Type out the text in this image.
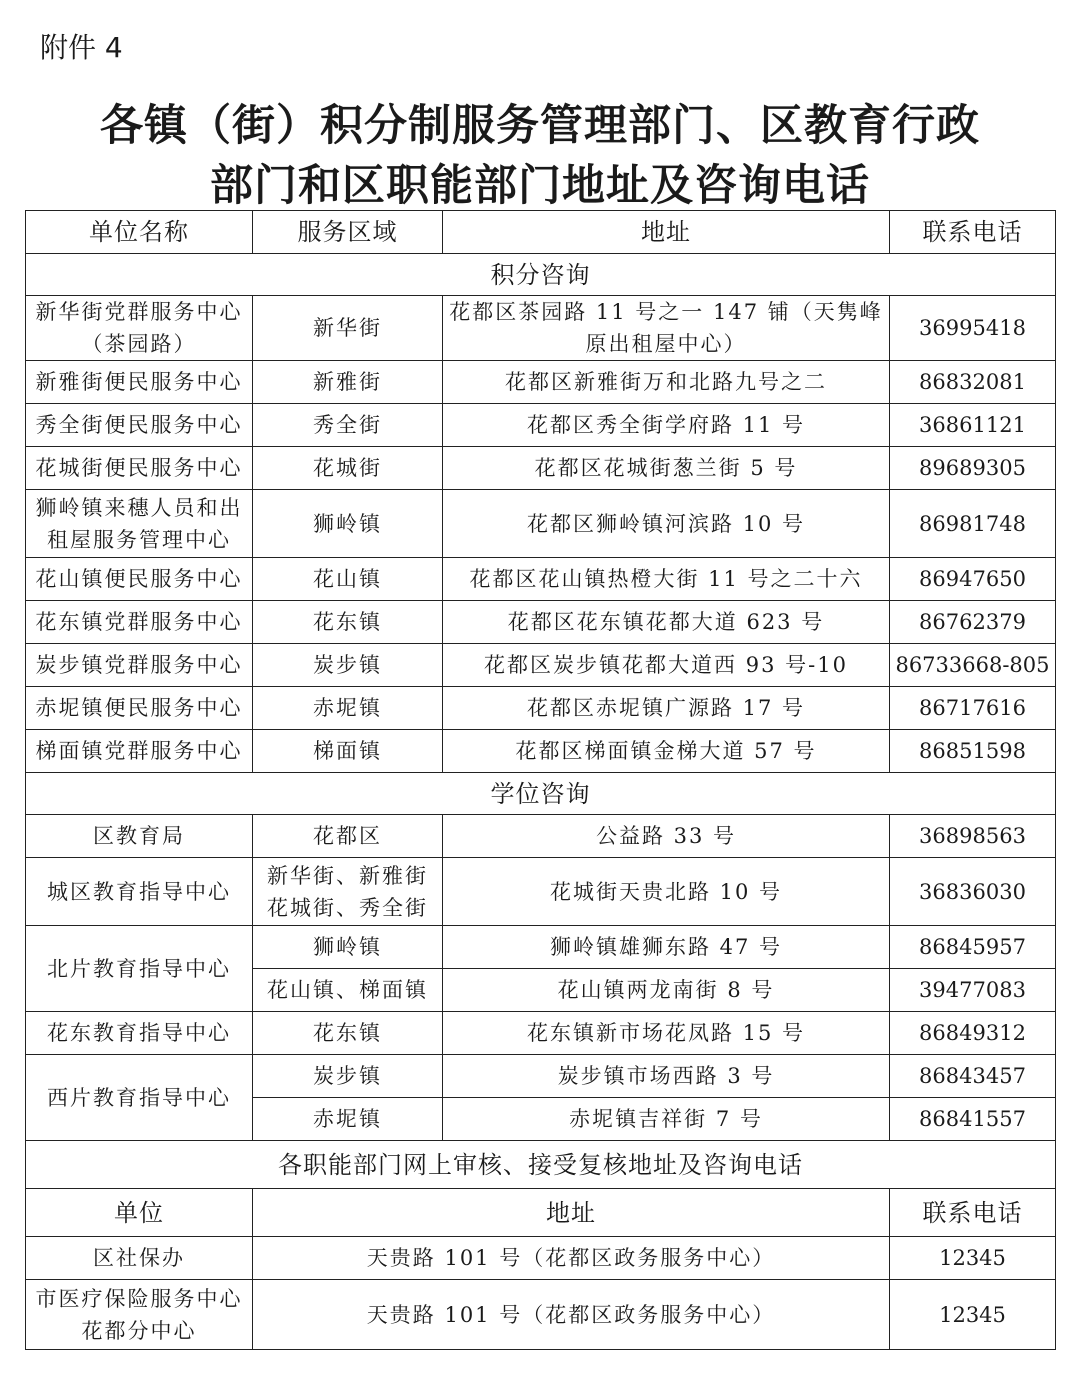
附件 4
各镇（街）积分制服务管理部门、区教育行政
部门和区职能部门地址及咨询电话
单位名称	服务区域	地址	联系电话
积分咨询			
新华街党群服务中心（茶园路）	新华街	花都区茶园路 11 号之一 147 铺（天隽峰原出租屋中心）	36995418
新雅街便民服务中心	新雅街	花都区新雅街万和北路九号之二	86832081
秀全街便民服务中心	秀全街	花都区秀全街学府路 11 号	36861121
花城街便民服务中心	花城街	花都区花城街葱兰街 5 号	89689305
狮岭镇来穗人员和出租屋服务管理中心	狮岭镇	花都区狮岭镇河滨路 10 号	86981748
花山镇便民服务中心	花山镇	花都区花山镇热橙大街 11 号之二十六	86947650
花东镇党群服务中心	花东镇	花都区花东镇花都大道 623 号	86762379
炭步镇党群服务中心	炭步镇	花都区炭步镇花都大道西 93 号-10	86733668-805
赤坭镇便民服务中心	赤坭镇	花都区赤坭镇广源路 17 号	86717616
梯面镇党群服务中心	梯面镇	花都区梯面镇金梯大道 57 号	86851598
学位咨询			
区教育局	花都区	公益路 33 号	36898563
城区教育指导中心	新华街、新雅街花城街、秀全街	花城街天贵北路 10 号	36836030
北片教育指导中心	狮岭镇	狮岭镇雄狮东路 47 号	86845957
	花山镇、梯面镇	花山镇两龙南街 8 号	39477083
花东教育指导中心	花东镇	花东镇新市场花凤路 15 号	86849312
西片教育指导中心	炭步镇	炭步镇市场西路 3 号	86843457
	赤坭镇	赤坭镇吉祥街 7 号	86841557
各职能部门网上审核、接受复核地址及咨询电话			
单位	地址		联系电话
区社保办	天贵路 101 号（花都区政务服务中心）		12345
市医疗保险服务中心花都分中心	天贵路 101 号（花都区政务服务中心）		12345
